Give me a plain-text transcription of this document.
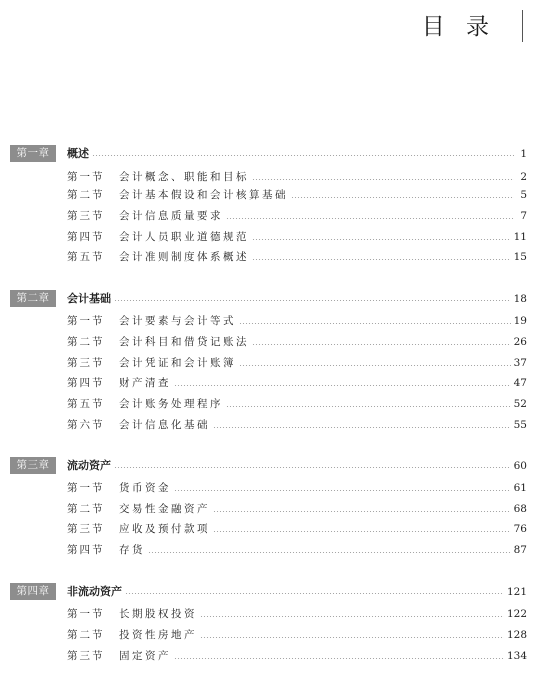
目 录
第一章	概述	1
第一节	会计概念、职能和目标	2
第二节	会计基本假设和会计核算基础	5
第三节	会计信息质量要求	7
第四节	会计人员职业道德规范	11
第五节	会计准则制度体系概述	15
第二章	会计基础	18
第一节	会计要素与会计等式	19
第二节	会计科目和借贷记账法	26
第三节	会计凭证和会计账簿	37
第四节	财产清查	47
第五节	会计账务处理程序	52
第六节	会计信息化基础	55
第三章	流动资产	60
第一节	货币资金	61
第二节	交易性金融资产	68
第三节	应收及预付款项	76
第四节	存货	87
第四章	非流动资产	121
第一节	长期股权投资	122
第二节	投资性房地产	128
第三节	固定资产	134
